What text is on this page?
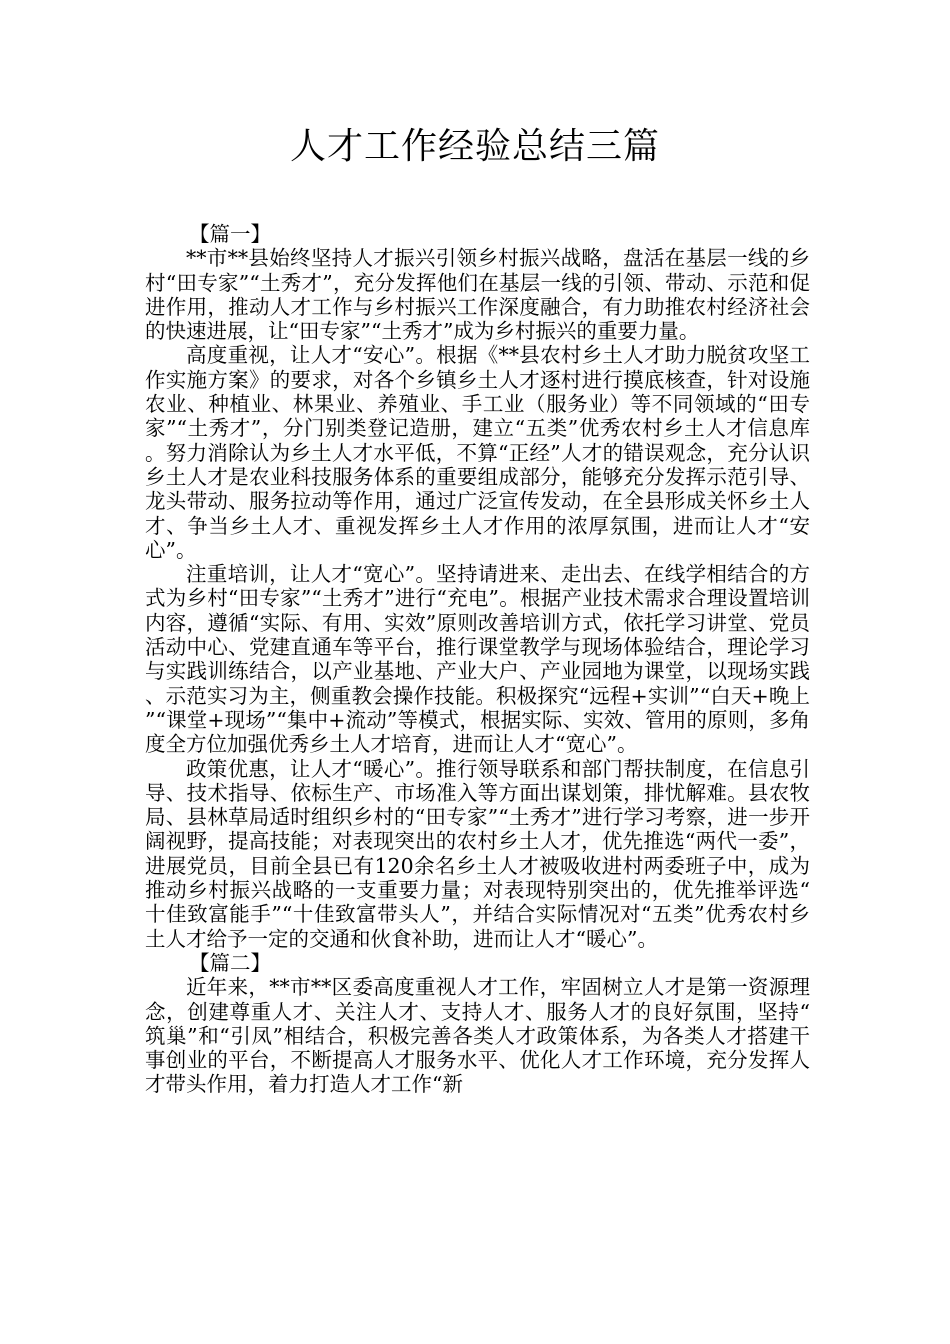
人才工作经验总结三篇

【篇一】

**市**县始终坚持人才振兴引领乡村振兴战略，盘活在基层一线的乡村“田专家”“土秀才”，充分发挥他们在基层一线的引领、带动、示范和促进作用，推动人才工作与乡村振兴工作深度融合，有力助推农村经济社会的快速进展，让“田专家”“土秀才”成为乡村振兴的重要力量。

高度重视，让人才“安心”。根据《**县农村乡土人才助力脱贫攻坚工作实施方案》的要求，对各个乡镇乡土人才逐村进行摸底核查，针对设施农业、种植业、林果业、养殖业、手工业（服务业）等不同领域的“田专家”“土秀才”，分门别类登记造册，建立“五类”优秀农村乡土人才信息库。努力消除认为乡土人才水平低，不算“正经”人才的错误观念，充分认识乡土人才是农业科技服务体系的重要组成部分，能够充分发挥示范引导、龙头带动、服务拉动等作用，通过广泛宣传发动，在全县形成关怀乡土人才、争当乡土人才、重视发挥乡土人才作用的浓厚氛围，进而让人才“安心”。

注重培训，让人才“宽心”。坚持请进来、走出去、在线学相结合的方式为乡村“田专家”“土秀才”进行“充电”。根据产业技术需求合理设置培训内容，遵循“实际、有用、实效”原则改善培训方式，依托学习讲堂、党员活动中心、党建直通车等平台，推行课堂教学与现场体验结合，理论学习与实践训练结合，以产业基地、产业大户、产业园地为课堂，以现场实践、示范实习为主，侧重教会操作技能。积极探究“远程+实训”“白天+晚上”“课堂+现场”“集中+流动”等模式，根据实际、实效、管用的原则，多角度全方位加强优秀乡土人才培育，进而让人才“宽心”。

政策优惠，让人才“暖心”。推行领导联系和部门帮扶制度，在信息引导、技术指导、依标生产、市场准入等方面出谋划策，排忧解难。县农牧局、县林草局适时组织乡村的“田专家”“土秀才”进行学习考察，进一步开阔视野，提高技能；对表现突出的农村乡土人才，优先推选“两代一委”，进展党员，目前全县已有120余名乡土人才被吸收进村两委班子中，成为推动乡村振兴战略的一支重要力量；对表现特别突出的，优先推举评选“十佳致富能手”“十佳致富带头人”，并结合实际情况对“五类”优秀农村乡土人才给予一定的交通和伙食补助，进而让人才“暖心”。

【篇二】

近年来，**市**区委高度重视人才工作，牢固树立人才是第一资源理念，创建尊重人才、关注人才、支持人才、服务人才的良好氛围，坚持“筑巢”和“引凤”相结合，积极完善各类人才政策体系，为各类人才搭建干事创业的平台，不断提高人才服务水平、优化人才工作环境，充分发挥人才带头作用，着力打造人才工作“新
